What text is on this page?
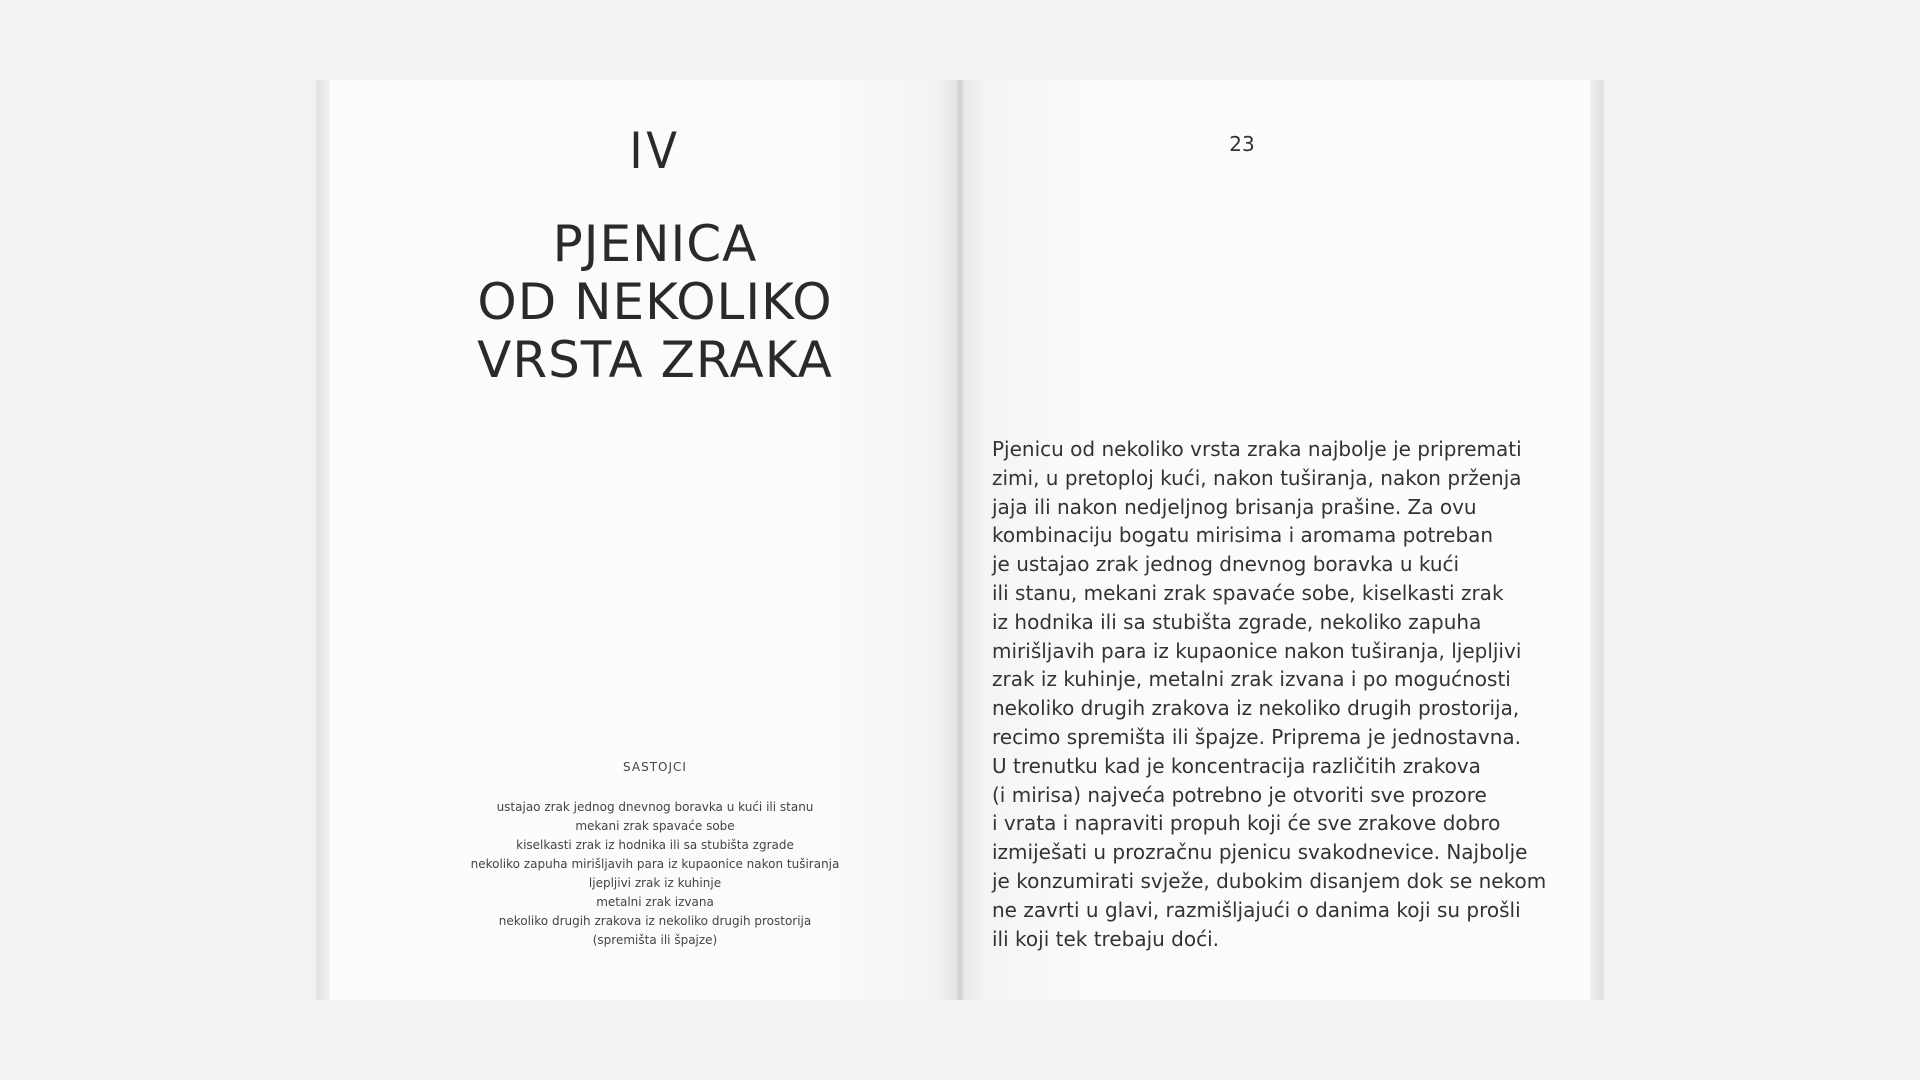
IV
PJENICA
OD NEKOLIKO
VRSTA ZRAKA
SASTOJCI
ustajao zrak jednog dnevnog boravka u kući ili stanu
mekani zrak spavaće sobe
kiselkasti zrak iz hodnika ili sa stubišta zgrade
nekoliko zapuha mirišljavih para iz kupaonice nakon tuširanja
ljepljivi zrak iz kuhinje
metalni zrak izvana
nekoliko drugih zrakova iz nekoliko drugih prostorija
(spremišta ili špajze)
23
Pjenicu od nekoliko vrsta zraka najbolje je pripremati
zimi, u pretoploj kući, nakon tuširanja, nakon prženja
jaja ili nakon nedjeljnog brisanja prašine. Za ovu
kombinaciju bogatu mirisima i aromama potreban
je ustajao zrak jednog dnevnog boravka u kući
ili stanu, mekani zrak spavaće sobe, kiselkasti zrak
iz hodnika ili sa stubišta zgrade, nekoliko zapuha
mirišljavih para iz kupaonice nakon tuširanja, ljepljivi
zrak iz kuhinje, metalni zrak izvana i po mogućnosti
nekoliko drugih zrakova iz nekoliko drugih prostorija,
recimo spremišta ili špajze. Priprema je jednostavna.
U trenutku kad je koncentracija različitih zrakova
(i mirisa) najveća potrebno je otvoriti sve prozore
i vrata i napraviti propuh koji će sve zrakove dobro
izmiješati u prozračnu pjenicu svakodnevice. Najbolje
je konzumirati svježe, dubokim disanjem dok se nekom
ne zavrti u glavi, razmišljajući o danima koji su prošli
ili koji tek trebaju doći.
